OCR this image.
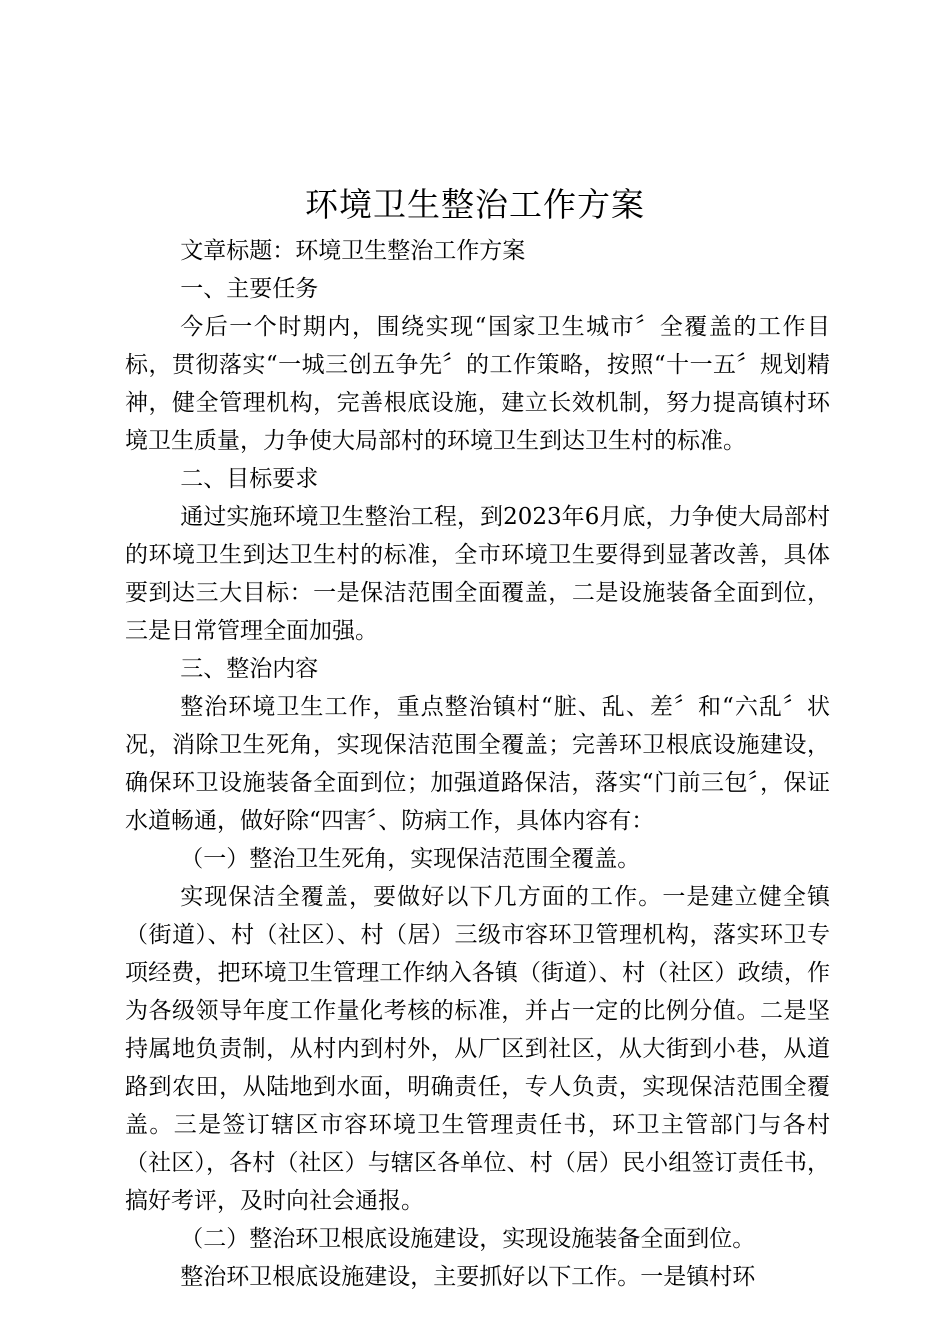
环境卫生整治工作方案

文章标题：环境卫生整治工作方案

一、主要任务

今后一个时期内，围绕实现“国家卫生城市〞全覆盖的工作目标，贯彻落实“一城三创五争先〞的工作策略，按照“十一五〞规划精神，健全管理机构，完善根底设施，建立长效机制，努力提高镇村环境卫生质量，力争使大局部村的环境卫生到达卫生村的标准。

二、目标要求

通过实施环境卫生整治工程，到2023年6月底，力争使大局部村的环境卫生到达卫生村的标准，全市环境卫生要得到显著改善，具体要到达三大目标：一是保洁范围全面覆盖，二是设施装备全面到位，三是日常管理全面加强。

三、整治内容

整治环境卫生工作，重点整治镇村“脏、乱、差〞和“六乱〞状况，消除卫生死角，实现保洁范围全覆盖；完善环卫根底设施建设，确保环卫设施装备全面到位；加强道路保洁，落实“门前三包〞，保证水道畅通，做好除“四害〞、防病工作，具体内容有：

（一）整治卫生死角，实现保洁范围全覆盖。

实现保洁全覆盖，要做好以下几方面的工作。一是建立健全镇（街道）、村（社区）、村（居）三级市容环卫管理机构，落实环卫专项经费，把环境卫生管理工作纳入各镇（街道）、村（社区）政绩，作为各级领导年度工作量化考核的标准，并占一定的比例分值。二是坚持属地负责制，从村内到村外，从厂区到社区，从大街到小巷，从道路到农田，从陆地到水面，明确责任，专人负责，实现保洁范围全覆盖。三是签订辖区市容环境卫生管理责任书，环卫主管部门与各村（社区），各村（社区）与辖区各单位、村（居）民小组签订责任书，搞好考评，及时向社会通报。

（二）整治环卫根底设施建设，实现设施装备全面到位。

整治环卫根底设施建设，主要抓好以下工作。一是镇村环
